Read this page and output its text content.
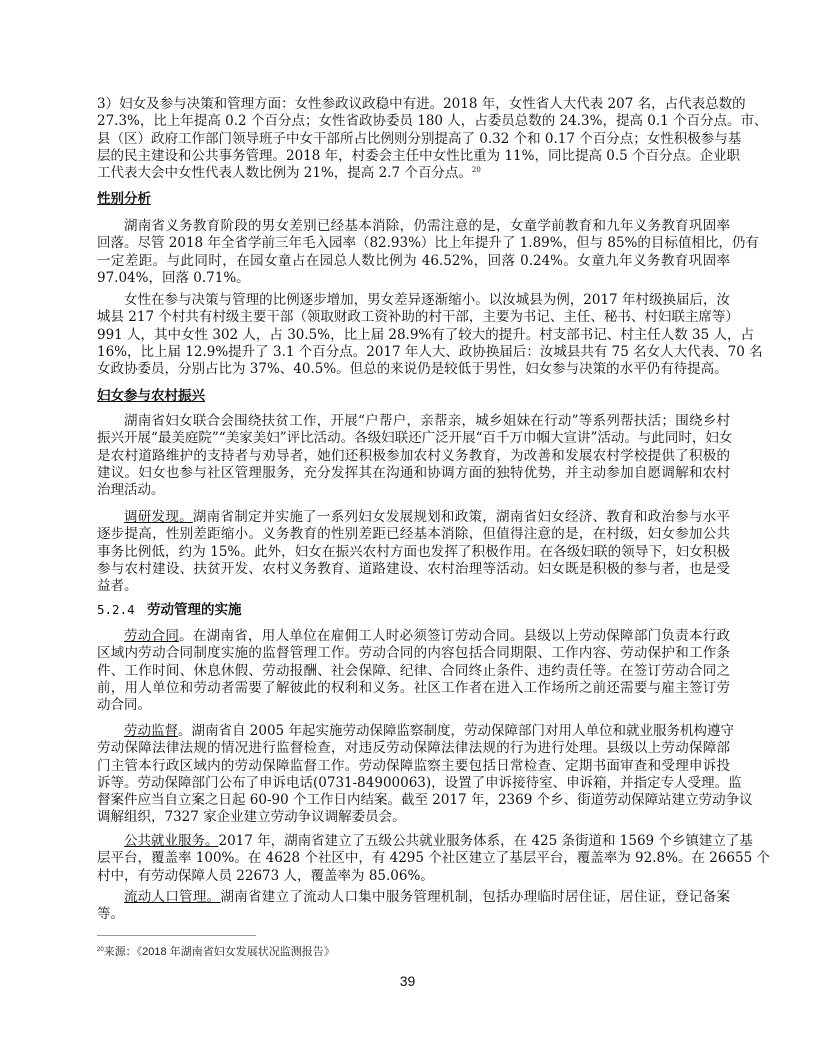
3）妇女及参与决策和管理方面：女性参政议政稳中有进。2018 年，女性省人大代表 207 名，占代表总数的
27.3%，比上年提高 0.2 个百分点；女性省政协委员 180 人，占委员总数的 24.3%，提高 0.1 个百分点。市、
县（区）政府工作部门领导班子中女干部所占比例则分别提高了 0.32 个和 0.17 个百分点；女性积极参与基
层的民主建设和公共事务管理。2018 年，村委会主任中女性比重为 11%，同比提高 0.5 个百分点。企业职
工代表大会中女性代表人数比例为 21%，提高 2.7 个百分点。$^{20}$
性别分析
湖南省义务教育阶段的男女差别已经基本消除，仍需注意的是，女童学前教育和九年义务教育巩固率
回落。尽管 2018 年全省学前三年毛入园率（82.93%）比上年提升了 1.89%，但与 85%的目标值相比，仍有
一定差距。与此同时，在园女童占在园总人数比例为 46.52%，回落 0.24%。女童九年义务教育巩固率
97.04%，回落 0.71%。
女性在参与决策与管理的比例逐步增加，男女差异逐渐缩小。以汝城县为例，2017 年村级换届后，汝
城县 217 个村共有村级主要干部（领取财政工资补助的村干部，主要为书记、主任、秘书、村妇联主席等）
991 人，其中女性 302 人，占 30.5%，比上届 28.9%有了较大的提升。村支部书记、村主任人数 35 人，占
16%，比上届 12.9%提升了 3.1 个百分点。2017 年人大、政协换届后：汝城县共有 75 名女人大代表、70 名
女政协委员，分别占比为 37%、40.5%。但总的来说仍是较低于男性，妇女参与决策的水平仍有待提高。
妇女参与农村振兴
湖南省妇女联合会围绕扶贫工作，开展“户帮户，亲帮亲，城乡姐妹在行动”等系列帮扶活；围绕乡村
振兴开展“最美庭院”“美家美妇”评比活动。各级妇联还广泛开展“百千万巾帼大宣讲”活动。与此同时，妇女
是农村道路维护的支持者与劝导者，她们还积极参加农村义务教育，为改善和发展农村学校提供了积极的
建议。妇女也参与社区管理服务，充分发挥其在沟通和协调方面的独特优势，并主动参加自愿调解和农村
治理活动。
调研发现。湖南省制定并实施了一系列妇女发展规划和政策，湖南省妇女经济、教育和政治参与水平
逐步提高，性别差距缩小。义务教育的性别差距已经基本消除，但值得注意的是，在村级，妇女参加公共
事务比例低，约为 15%。此外，妇女在振兴农村方面也发挥了积极作用。在各级妇联的领导下，妇女积极
参与农村建设、扶贫开发、农村义务教育、道路建设、农村治理等活动。妇女既是积极的参与者，也是受
益者。
5.2.4 劳动管理的实施
劳动合同。在湖南省，用人单位在雇佣工人时必须签订劳动合同。县级以上劳动保障部门负责本行政
区域内劳动合同制度实施的监督管理工作。劳动合同的内容包括合同期限、工作内容、劳动保护和工作条
件、工作时间、休息休假、劳动报酬、社会保障、纪律、合同终止条件、违约责任等。在签订劳动合同之
前，用人单位和劳动者需要了解彼此的权利和义务。社区工作者在进入工作场所之前还需要与雇主签订劳
动合同。
劳动监督。湖南省自 2005 年起实施劳动保障监察制度，劳动保障部门对用人单位和就业服务机构遵守
劳动保障法律法规的情况进行监督检查，对违反劳动保障法律法规的行为进行处理。县级以上劳动保障部
门主管本行政区域内的劳动保障监督工作。劳动保障监察主要包括日常检查、定期书面审查和受理申诉投
诉等。劳动保障部门公布了申诉电话(0731-84900063)，设置了申诉接待室、申诉箱，并指定专人受理。监
督案件应当自立案之日起 60-90 个工作日内结案。截至 2017 年，2369 个乡、街道劳动保障站建立劳动争议
调解组织，7327 家企业建立劳动争议调解委员会。
公共就业服务。2017 年，湖南省建立了五级公共就业服务体系，在 425 条街道和 1569 个乡镇建立了基
层平台，覆盖率 100%。在 4628 个社区中，有 4295 个社区建立了基层平台，覆盖率为 92.8%。在 26655 个
村中，有劳动保障人员 22673 人，覆盖率为 85.06%。
流动人口管理。湖南省建立了流动人口集中服务管理机制，包括办理临时居住证，居住证，登记备案
等。
$^{20}$来源：《2018 年湖南省妇女发展状况监测报告》
39
